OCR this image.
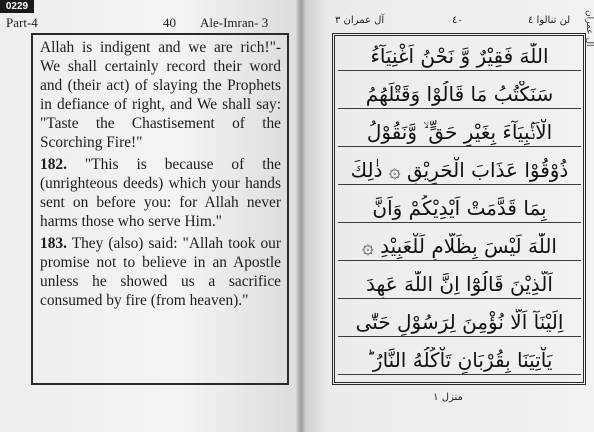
0229
Part-4	40 Ale-Imran- 3

Allah is indigent and we are rich!"- We shall certainly record their word and (their act) of slaying the Prophets in defiance of right, and We shall say: "Taste the Chastisement of the Scorching Fire!"

182. "This is because of the (unrighteous deeds) which your hands sent on before you: for Allah never harms those who serve Him."

183. They (also) said: "Allah took our promise not to believe in an Apostle unless he showed us a sacrifice consumed by fire (from heaven)."

آل عمران ٣	٤٠	لن تنالوا ٤
اللّٰهَ فَقِيْرٌ وَّ نَحْنُ اَغْنِيَآءُ
سَنَكْتُبُ مَا قَالُوْا وَقَتْلَهُمُ
الْاَنْۢبِيَآءَ بِغَيْرِ حَقٍّ ۙ وَّنَقُوْلُ
ذُوْقُوْا عَذَابَ الْحَرِيْقِ ۞ ذٰلِكَ
بِمَا قَدَّمَتْ اَيْدِيْكُمْ وَاَنَّ
اللّٰهَ لَيْسَ بِظَلَّامٍ لِّلْعَبِيْدِ ۞
اَلَّذِيْنَ قَالُوْٓا اِنَّ اللّٰهَ عَهِدَ
اِلَيْنَآ اَلَّا نُؤْمِنَ لِرَسُوْلٍ حَتّٰى
يَاْتِيَنَا بِقُرْبَانٍ تَاْكُلُهُ النَّارُ ؕ
منزل ١
آل عمران
